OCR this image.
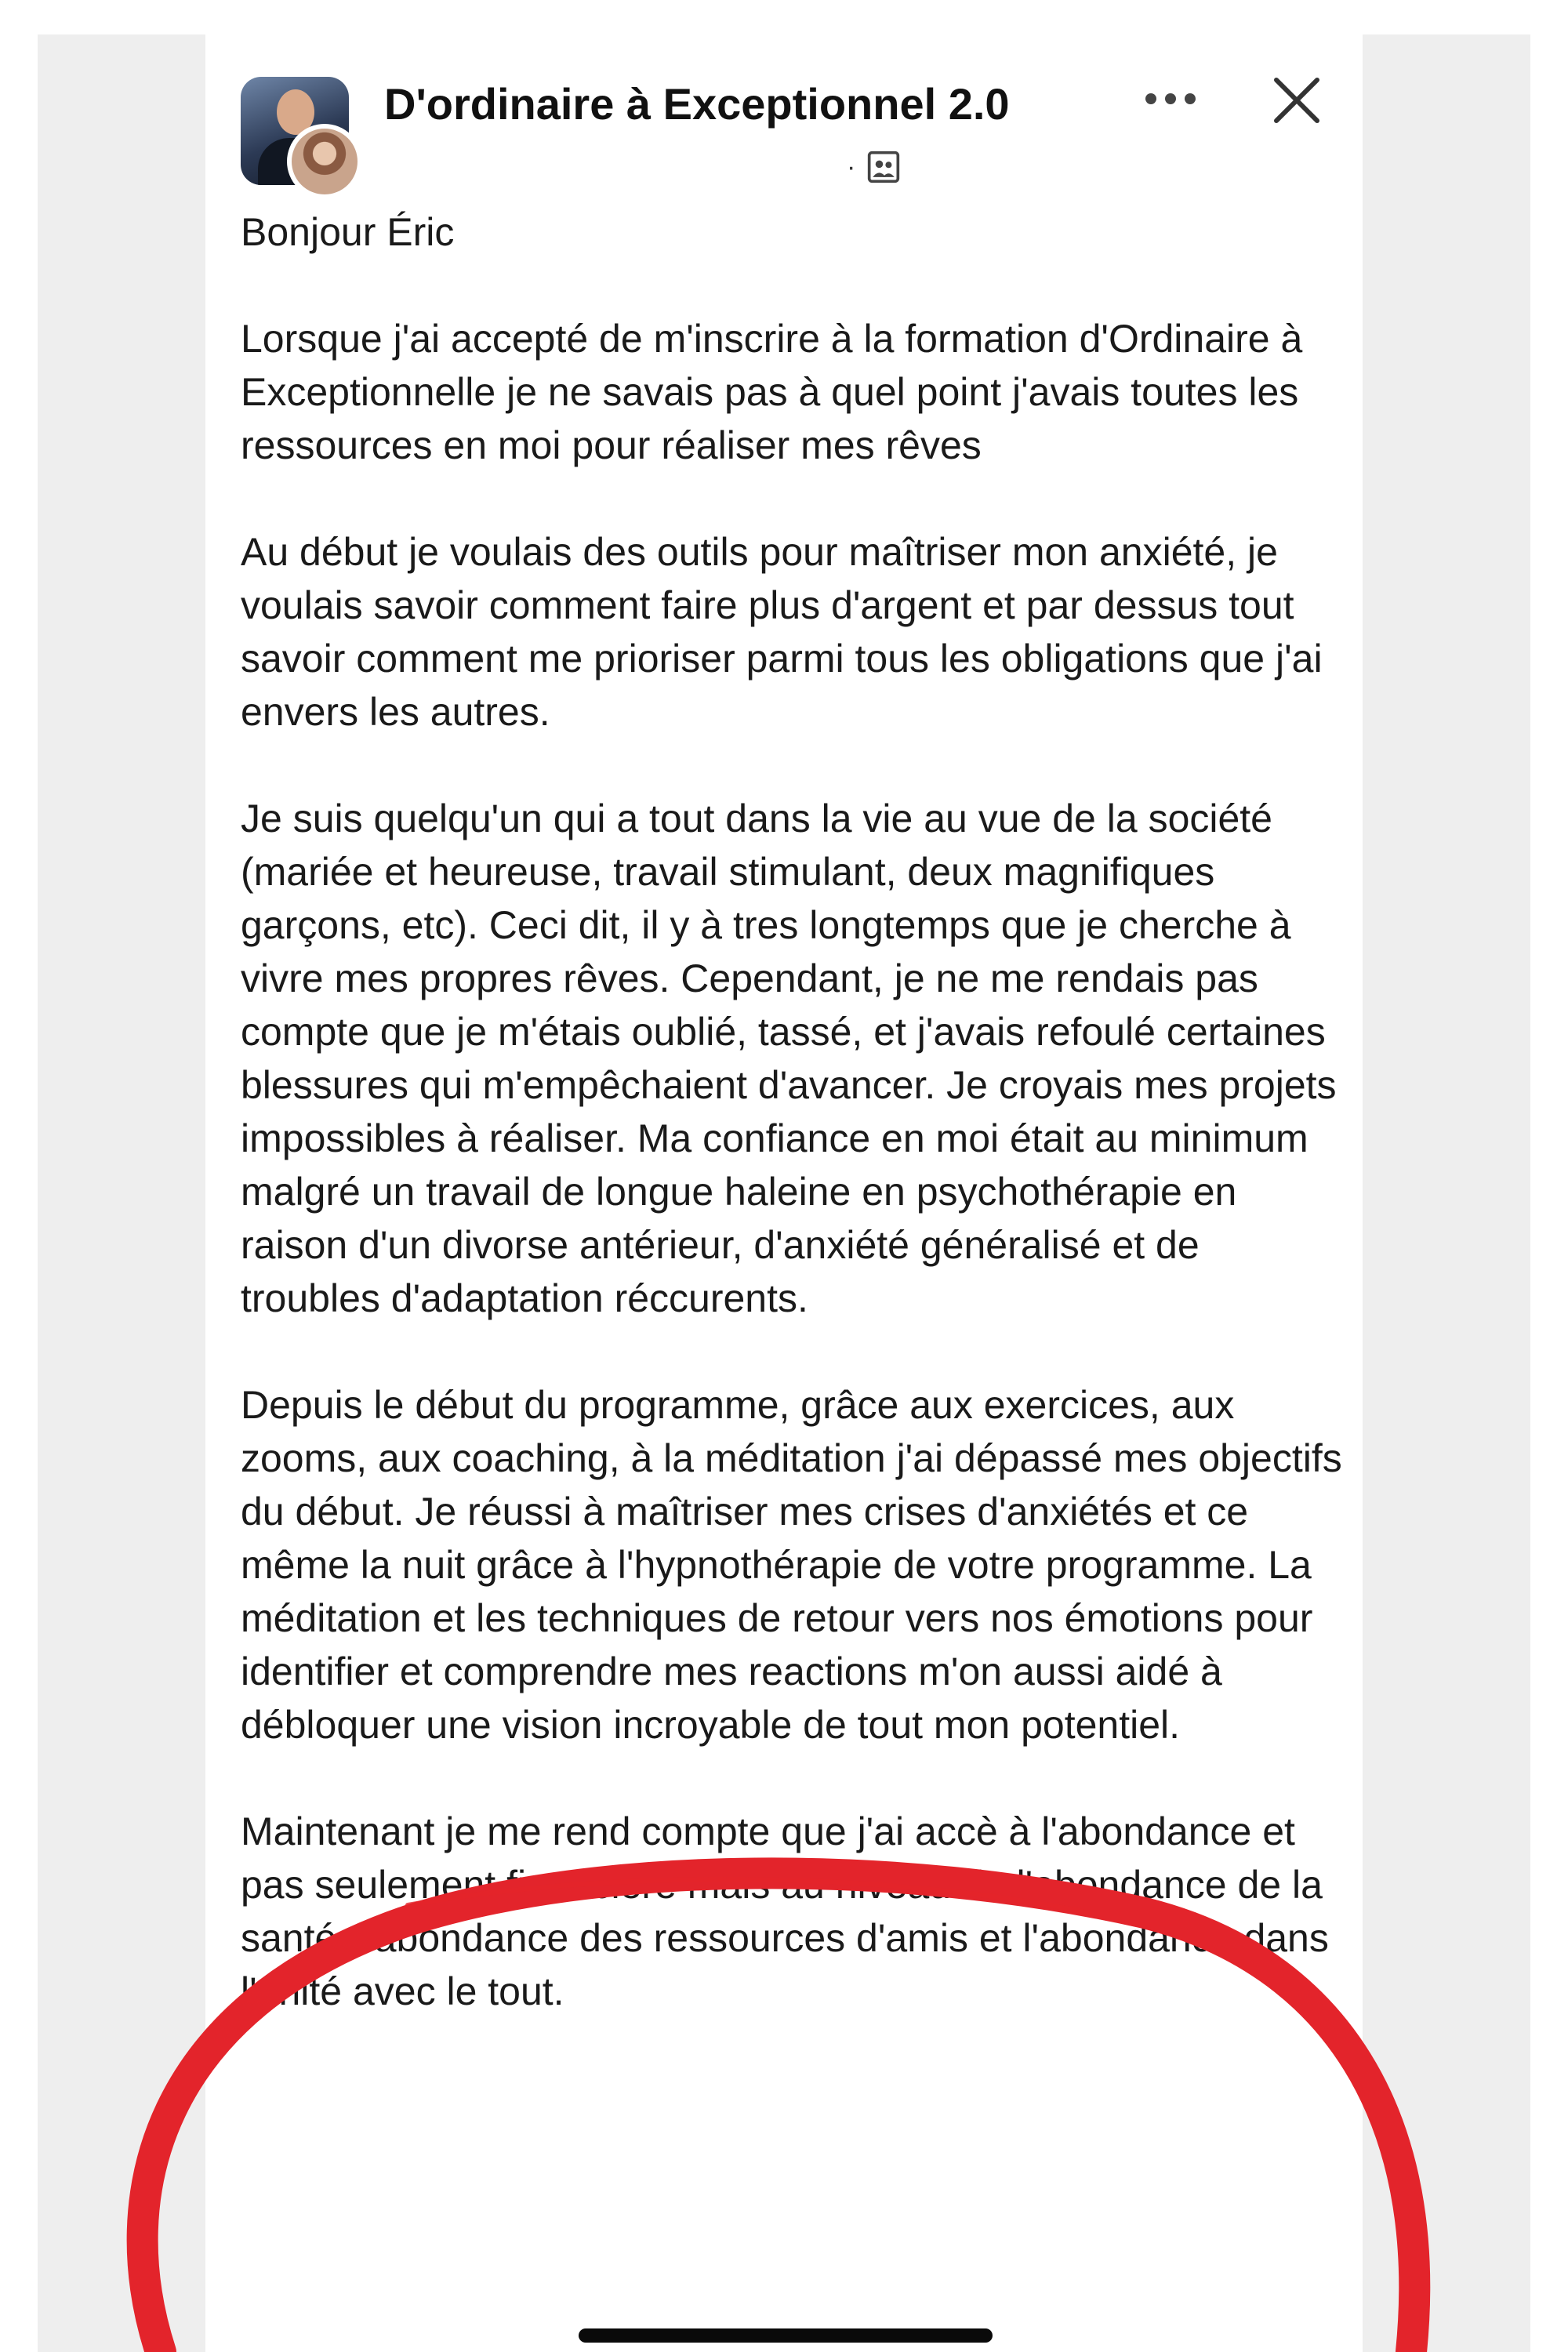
D'ordinaire à Exceptionnel 2.0
·

Bonjour Éric

Lorsque j'ai accepté de m'inscrire à la formation d'Ordinaire à Exceptionnelle je ne savais pas à quel point j'avais toutes les ressources en moi pour réaliser mes rêves

Au début je voulais des outils pour maîtriser mon anxiété, je voulais savoir comment faire plus d'argent et par dessus tout savoir comment me prioriser parmi tous les obligations que j'ai envers les autres.

Je suis quelqu'un qui a tout dans la vie au vue de la société (mariée et heureuse, travail stimulant, deux magnifiques garçons, etc). Ceci dit, il y à tres longtemps que je cherche à vivre mes propres rêves. Cependant, je ne me rendais pas compte que je m'étais oublié, tassé, et j'avais refoulé certaines blessures qui m'empêchaient d'avancer. Je croyais mes projets impossibles à réaliser. Ma confiance en moi était au minimum malgré un travail de longue haleine en psychothérapie en raison d'un divorse antérieur, d'anxiété généralisé et de troubles d'adaptation réccurents.

Depuis le début du programme, grâce aux exercices, aux zooms, aux coaching, à la méditation j'ai dépassé mes objectifs du début. Je réussi à maîtriser mes crises d'anxiétés et ce même la nuit grâce à l'hypnothérapie de votre programme. La méditation et les techniques de retour vers nos émotions pour identifier et comprendre mes reactions m'on aussi aidé à débloquer une vision incroyable de tout mon potentiel.

Maintenant je me rend compte que j'ai accè à l'abondance et pas seulement financière mais au niveau de l'abondance de la santé, l'abondance des ressources d'amis et l'abondance dans l'unité avec le tout.
